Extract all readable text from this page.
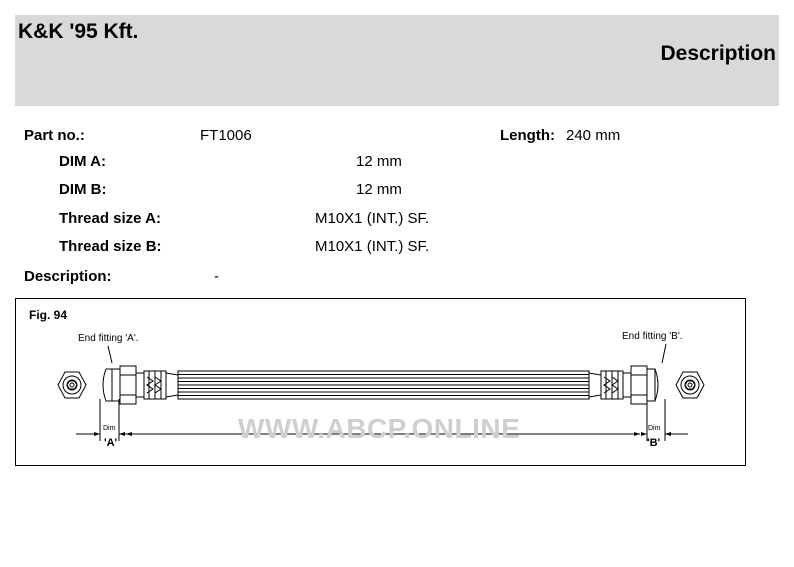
K&K '95 Kft.
Description
Part no.:	FT1006	Length: 240 mm
DIM A:	12 mm
DIM B:	12 mm
Thread size A:	M10X1 (INT.) SF.
Thread size B:	M10X1 (INT.) SF.
Description:	-
Fig. 94
End fitting 'A'.	End fitting 'B'.
Dim
'A'
Dim
'B'
WWW.ABCP.ONLINE
